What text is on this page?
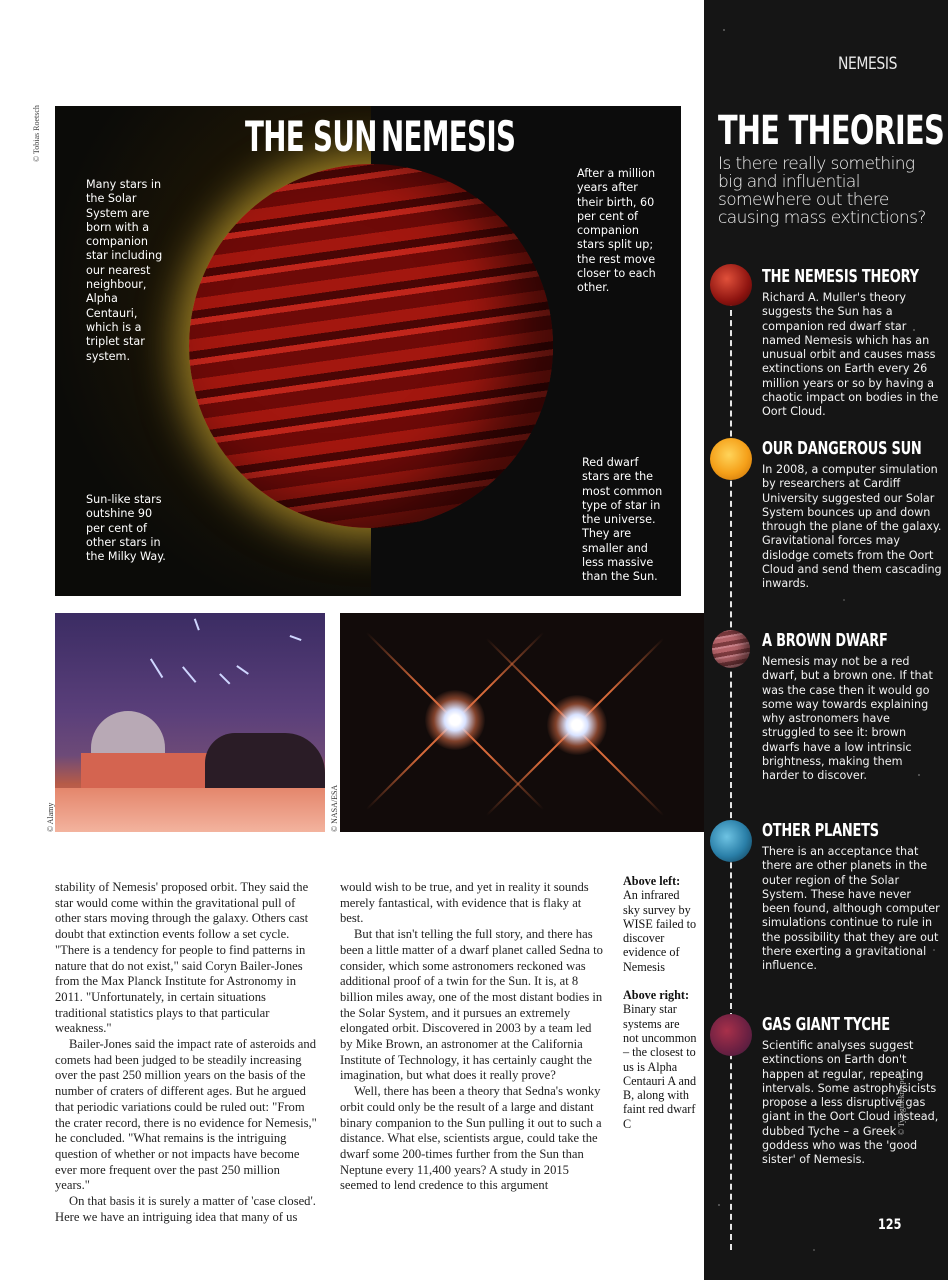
© Tobias Roetsch	THE SUN NEMESIS
Many stars in the Solar System are born with a companion star including our nearest neighbour, Alpha Centauri, which is a triplet star system.
Sun-like stars outshine 90 per cent of other stars in the Milky Way.
After a million years after their birth, 60 per cent of companion stars split up; the rest move closer to each other.
Red dwarf stars are the most common type of star in the universe. They are smaller and less massive than the Sun.
© Alamy	© NASA/ESA

stability of Nemesis' proposed orbit. They said the star would come within the gravitational pull of other stars moving through the galaxy. Others cast doubt that extinction events follow a set cycle. "There is a tendency for people to find patterns in nature that do not exist," said Coryn Bailer-Jones from the Max Planck Institute for Astronomy in 2011. "Unfortunately, in certain situations traditional statistics plays to that particular weakness."

Bailer-Jones said the impact rate of asteroids and comets had been judged to be steadily increasing over the past 250 million years on the basis of the number of craters of different ages. But he argued that periodic variations could be ruled out: "From the crater record, there is no evidence for Nemesis," he concluded. "What remains is the intriguing question of whether or not impacts have become ever more frequent over the past 250 million years."

On that basis it is surely a matter of 'case closed'. Here we have an intriguing idea that many of us

would wish to be true, and yet in reality it sounds merely fantastical, with evidence that is flaky at best.

But that isn't telling the full story, and there has been a little matter of a dwarf planet called Sedna to consider, which some astronomers reckoned was additional proof of a twin for the Sun. It is, at 8 billion miles away, one of the most distant bodies in the Solar System, and it pursues an extremely elongated orbit. Discovered in 2003 by a team led by Mike Brown, an astronomer at the California Institute of Technology, it has certainly caught the imagination, but what does it really prove?

Well, there has been a theory that Sedna's wonky orbit could only be the result of a large and distant binary companion to the Sun pulling it out to such a distance. What else, scientists argue, could take the dwarf some 200-times further from the Sun than Neptune every 11,400 years? A study in 2015 seemed to lend credence to this argument

Above left:
An infrared sky survey by WISE failed to discover evidence of Nemesis
Above right:
Binary star systems are not uncommon – the closest to us is Alpha Centauri A and B, along with faint red dwarf C
NEMESIS
THE THEORIES
Is there really something big and influential somewhere out there causing mass extinctions?
THE NEMESIS THEORY

Richard A. Muller's theory suggests the Sun has a companion red dwarf star named Nemesis which has an unusual orbit and causes mass extinctions on Earth every 26 million years or so by having a chaotic impact on bodies in the Oort Cloud.

OUR DANGEROUS SUN

In 2008, a computer simulation by researchers at Cardiff University suggested our Solar System bounces up and down through the plane of the galaxy. Gravitational forces may dislodge comets from the Oort Cloud and send them cascading inwards.

A BROWN DWARF

Nemesis may not be a red dwarf, but a brown one. If that was the case then it would go some way towards explaining why astronomers have struggled to see it: brown dwarfs have a low intrinsic brightness, making them harder to discover.

OTHER PLANETS

There is an acceptance that there are other planets in the outer region of the Solar System. These have never been found, although computer simulations continue to rule in the possibility that they are out there exerting a gravitational influence.

GAS GIANT TYCHE

Scientific analyses suggest extinctions on Earth don't happen at regular, repeating intervals. Some astrophysicists propose a less disruptive gas giant in the Oort Cloud instead, dubbed Tyche – a Greek goddess who was the 'good sister' of Nemesis.

© Tyrogthekreeper
125
